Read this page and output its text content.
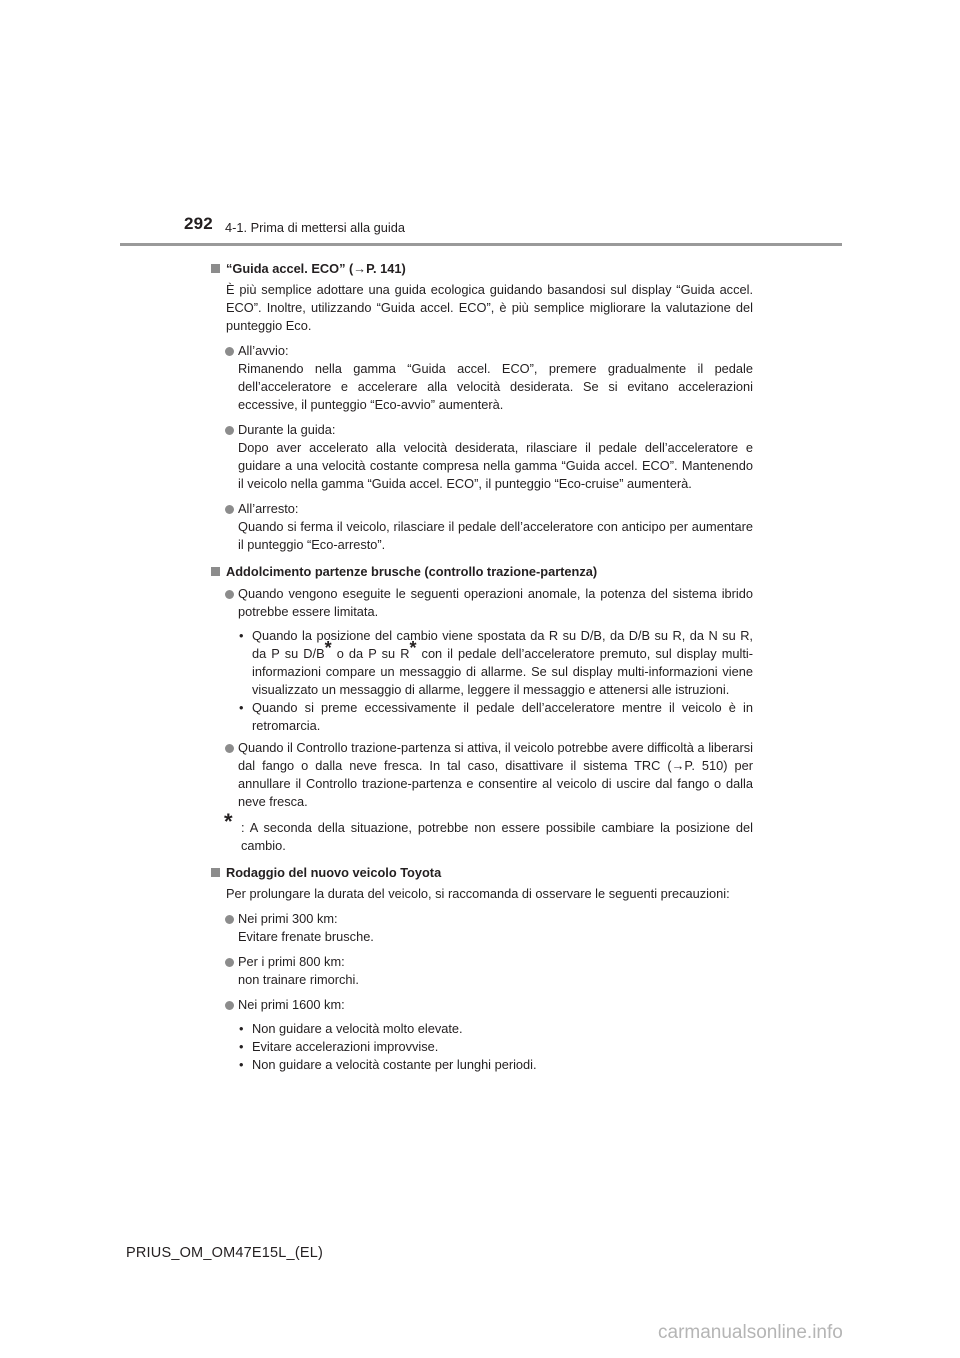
292 4-1. Prima di mettersi alla guida
“Guida accel. ECO” (→P. 141)
È più semplice adottare una guida ecologica guidando basandosi sul display “Guida accel. ECO”. Inoltre, utilizzando “Guida accel. ECO”, è più semplice migliorare la valutazione del punteggio Eco.
All’avvio:
Rimanendo nella gamma “Guida accel. ECO”, premere gradualmente il pedale dell’acceleratore e accelerare alla velocità desiderata. Se si evitano accelerazioni eccessive, il punteggio “Eco-avvio” aumenterà.
Durante la guida:
Dopo aver accelerato alla velocità desiderata, rilasciare il pedale dell’acceleratore e guidare a una velocità costante compresa nella gamma “Guida accel. ECO”. Mantenendo il veicolo nella gamma “Guida accel. ECO”, il punteggio “Eco-cruise” aumenterà.
All’arresto:
Quando si ferma il veicolo, rilasciare il pedale dell’acceleratore con anticipo per aumentare il punteggio “Eco-arresto”.
Addolcimento partenze brusche (controllo trazione-partenza)
Quando vengono eseguite le seguenti operazioni anomale, la potenza del sistema ibrido potrebbe essere limitata.
• Quando la posizione del cambio viene spostata da R su D/B, da D/B su R, da N su R, da P su D/B* o da P su R* con il pedale dell’acceleratore premuto, sul display multi-informazioni compare un messaggio di allarme. Se sul display multi-informazioni viene visualizzato un messaggio di allarme, leggere il messaggio e attenersi alle istruzioni.
• Quando si preme eccessivamente il pedale dell’acceleratore mentre il veicolo è in retromarcia.
Quando il Controllo trazione-partenza si attiva, il veicolo potrebbe avere difficoltà a liberarsi dal fango o dalla neve fresca. In tal caso, disattivare il sistema TRC (→P. 510) per annullare il Controllo trazione-partenza e consentire al veicolo di uscire dal fango o dalla neve fresca.
* : A seconda della situazione, potrebbe non essere possibile cambiare la posizione del cambio.
Rodaggio del nuovo veicolo Toyota
Per prolungare la durata del veicolo, si raccomanda di osservare le seguenti precauzioni:
Nei primi 300 km:
Evitare frenate brusche.
Per i primi 800 km:
non trainare rimorchi.
Nei primi 1600 km:
• Non guidare a velocità molto elevate.
• Evitare accelerazioni improvvise.
• Non guidare a velocità costante per lunghi periodi.
PRIUS_OM_OM47E15L_(EL)
carmanualsonline.info
